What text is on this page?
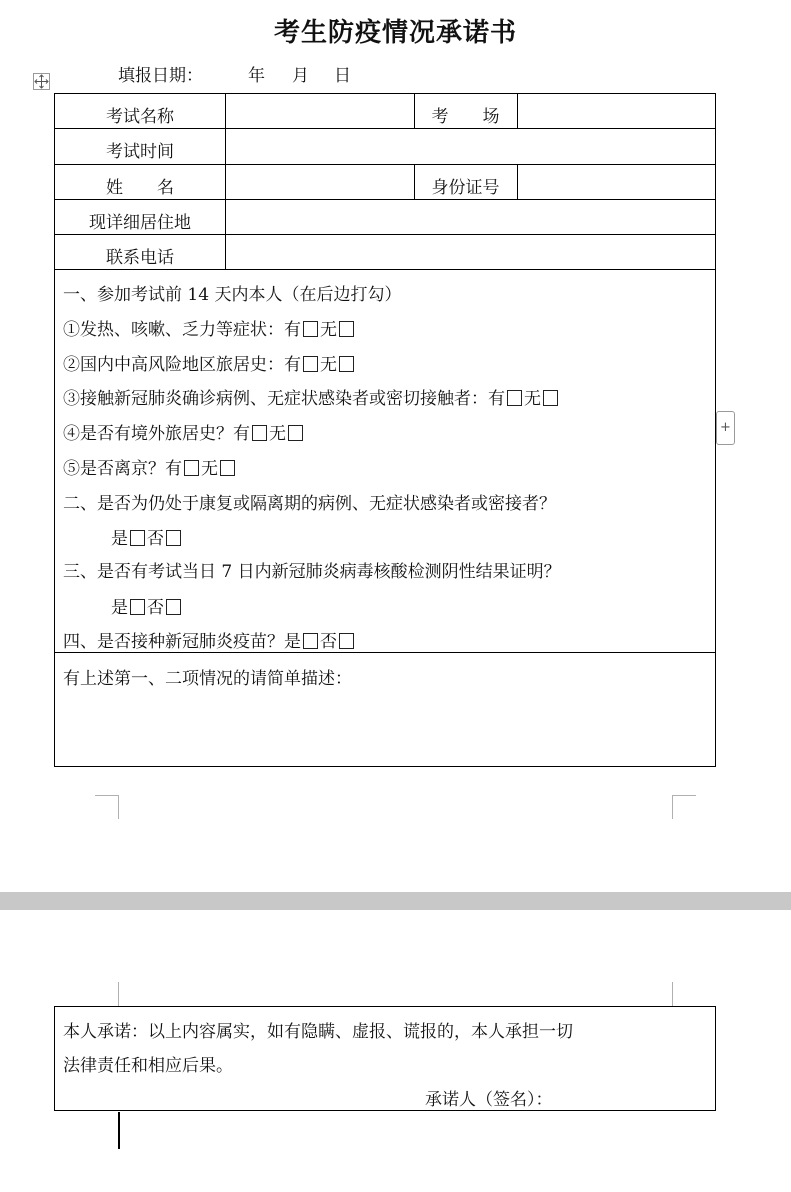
考生防疫情况承诺书
填报日期：	年 月 日
考试名称	考　　场
考试时间
姓　　名	身份证号
现详细居住地
联系电话
一、参加考试前 14 天内本人（在后边打勾）
①发热、咳嗽、乏力等症状：有 无
②国内中高风险地区旅居史：有 无
③接触新冠肺炎确诊病例、无症状感染者或密切接触者：有 无
④是否有境外旅居史？有 无
⑤是否离京？有 无
二、是否为仍处于康复或隔离期的病例、无症状感染者或密接者？
是 否
三、是否有考试当日 7 日内新冠肺炎病毒核酸检测阴性结果证明？
是 否
四、是否接种新冠肺炎疫苗？是 否
有上述第一、二项情况的请简单描述：
+
本人承诺：以上内容属实，如有隐瞒、虚报、谎报的，本人承担一切
法律责任和相应后果。
承诺人（签名）：
